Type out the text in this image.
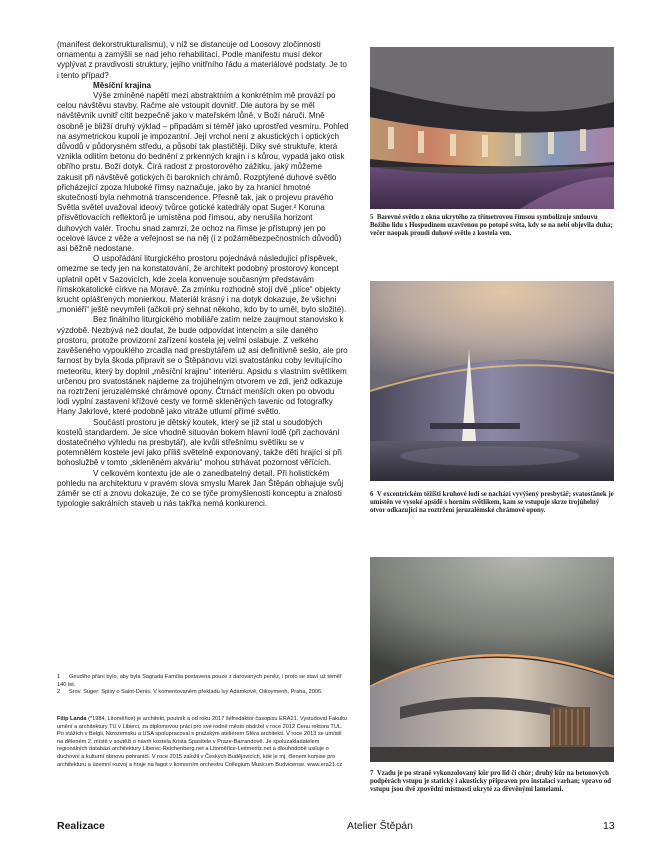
(manifest dekorstrukturalismu), v níž se distancuje od Loosovy zločinnosti ornamentu a zamýšlí se nad jeho rehabilitací. Podle manifestu musí dekor vyplývat z pravdivosti struktury, jejího vnitřního řádu a materiálové podstaty. Je to i tento případ?

Měsíční krajina

Výše zmíněné napětí mezi abstraktním a konkrétním mě provází po celou návštěvu stavby. Račme ale vstoupit dovnitř. Dle autora by se měl návštěvník uvnitř cítit bezpečně jako v mateřském lůně, v Boží náruči. Mně osobně je bližší druhý výklad – připadám si téměř jako uprostřed vesmíru. Pohled na asymetrickou kupoli je impozantní. Její vrchol není z akustických i optických důvodů v půdorysném středu, a působí tak plastičtěji. Díky své struktuře, která vznikla odlitím betonu do bednění z prkenných krajin i s kůrou, vypadá jako otisk obřího prstu. Boží dotyk. Čirá radost z prostorového zážitku, jaký můžeme zakusit při návštěvě gotických či barokních chrámů. Rozptýlené duhové světlo přicházející zpoza hluboké římsy naznačuje, jako by za hranicí hmotné skutečnosti byla nehmotná transcendence. Přesně tak, jak o projevu pravého Světla světel uvažoval ideový tvůrce gotické katedrály opat Suger.² Koruna přisvětlovacích reflektorů je umístěna pod římsou, aby nerušila horizont duhových valér. Trochu snad zamrzí, že ochoz na římse je přístupný jen po ocelové lávce z věže a veřejnost se na něj (i z požárněbezpečnostních důvodů) asi běžně nedostane.

O uspořádání liturgického prostoru pojednává následující příspěvek, omezme se tedy jen na konstatování, že architekt podobný prostorový koncept uplatnil opět v Sazovicích, kde zcela konvenuje současným představám římskokatolické církve na Moravě. Za zmínku rozhodně stojí dvě „plíce“ objekty krucht oplášťených monierkou. Materiál krásný i na dotyk dokazuje, že všichni „moniéři“ ještě nevymřeli (ačkoli prý sehnat někoho, kdo by to uměl, bylo složité).

Bez finálního liturgického mobiliáře zatím nelze zaujmout stanovisko k výzdobě. Nezbývá než doufat, že bude odpovídat intencím a síle daného prostoru, protože provizorní zařízení kostela jej velmi oslabuje. Z velkého zavěšeného vypouklého zrcadla nad presbytářem už asi definitivně sešlo, ale pro farnost by byla škoda připravit se o Štěpánovu vizi svatostánku coby levitujícího meteoritu, který by doplnil „měsíční krajinu“ interiéru. Apsidu s vlastním světlíkem určenou pro svatostánek najdeme za trojúhelným otvorem ve zdi, jenž odkazuje na roztržení jeruzalémské chrámové opony. Čtrnáct menších oken po obvodu lodi vyplní zastavení křížové cesty ve formě skleněných tavenic od fotografky Hany Jakrlové, které podobně jako vitráže utlumí přímé světlo.

Součástí prostoru je dětský koutek, který se již stal u soudobých kostelů standardem. Je sice vhodně situován bokem hlavní lodě (při zachování dostatečného výhledu na presbytář), ale kvůli střešnímu světlíku se v potemnělém kostele jeví jako příliš světelně exponovaný, takže děti hrající si při bohoslužbě v tomto „skleněném akváriu“ mohou strhávat pozornost věřících.

V celkovém kontextu jde ale o zanedbatelný detail. Při holistickém pohledu na architekturu v pravém slova smyslu Marek Jan Štěpán obhajuje svůj záměr se ctí a znovu dokazuje, že co se týče promyšlenosti konceptu a znalosti typologie sakrálních staveb u nás takřka nemá konkurenci.

1 Geudího přání bylo, aby byla Sagrada Família postavena pouze z darovaných peněz, i proto se staví už téměř 140 let.

2 Srov. Suger: Spisy o Saint-Denis. V komentovaném překladu Ivy Adámkové, Oikoymenh, Praha, 2006.

Filip Landa (*1984, Litoměřice) je architekt, poutník a od roku 2017 šéfredaktor časopisu ERA21. Vystudoval Fakultu umění a architektury TU v Liberci, za diplomovou práci pro své rodné město obdržel v roce 2012 Cenu rektora TUL. Po stážích v Belgii, Nizozemsku a USA spolupracoval s pražským ateliérem Sféra architekti. V roce 2013 se umístil na děleném 2. místě v soutěži o návrh kostela Krista Spasitele v Praze-Barrandově. Je spoluzakladatelem regionálních databází architektury Liberec-Reichenberg.net a Litoměřice-Leitmeritz.net a dlouhodobě usiluje o duchovní a kulturní obnovu pohraničí. V roce 2015 založil v Českých Budějovicích, kde je mj. členem komise pro architekturu a územní rozvoj a hraje na fagot v komorním orchestru Collegium Musicum Budvicense. www.era21.cz
5 Barevné světlo z okna ukrytého za třímetrovou římsou symbolizuje smlouvu Božího lidu s Hospodinem uzavřenou po potopě světa, kdy se na nebi objevila duha; večer naopak proudí duhové světlo z kostela ven.
6 V excentrickém těžišti kruhové lodi se nachází vyvýšený presbytář; svatostánek je umístěn ve vysoké apsidě s horním světlíkem, kam se vstupuje skrze trojúhelný otvor odkazující na roztržení jeruzalémské chrámové opony.
7 Vzadu je po straně vykonzolovaný kůr pro lid či chór; druhý kůr na betonových podpěrách vstupu je statický i akusticky připraven pro instalaci varhan; vpravo od vstupu jsou dvě zpovědní místnosti ukryté za dřevěnými lamelami.
Realizace	Atelier Štěpán	13
